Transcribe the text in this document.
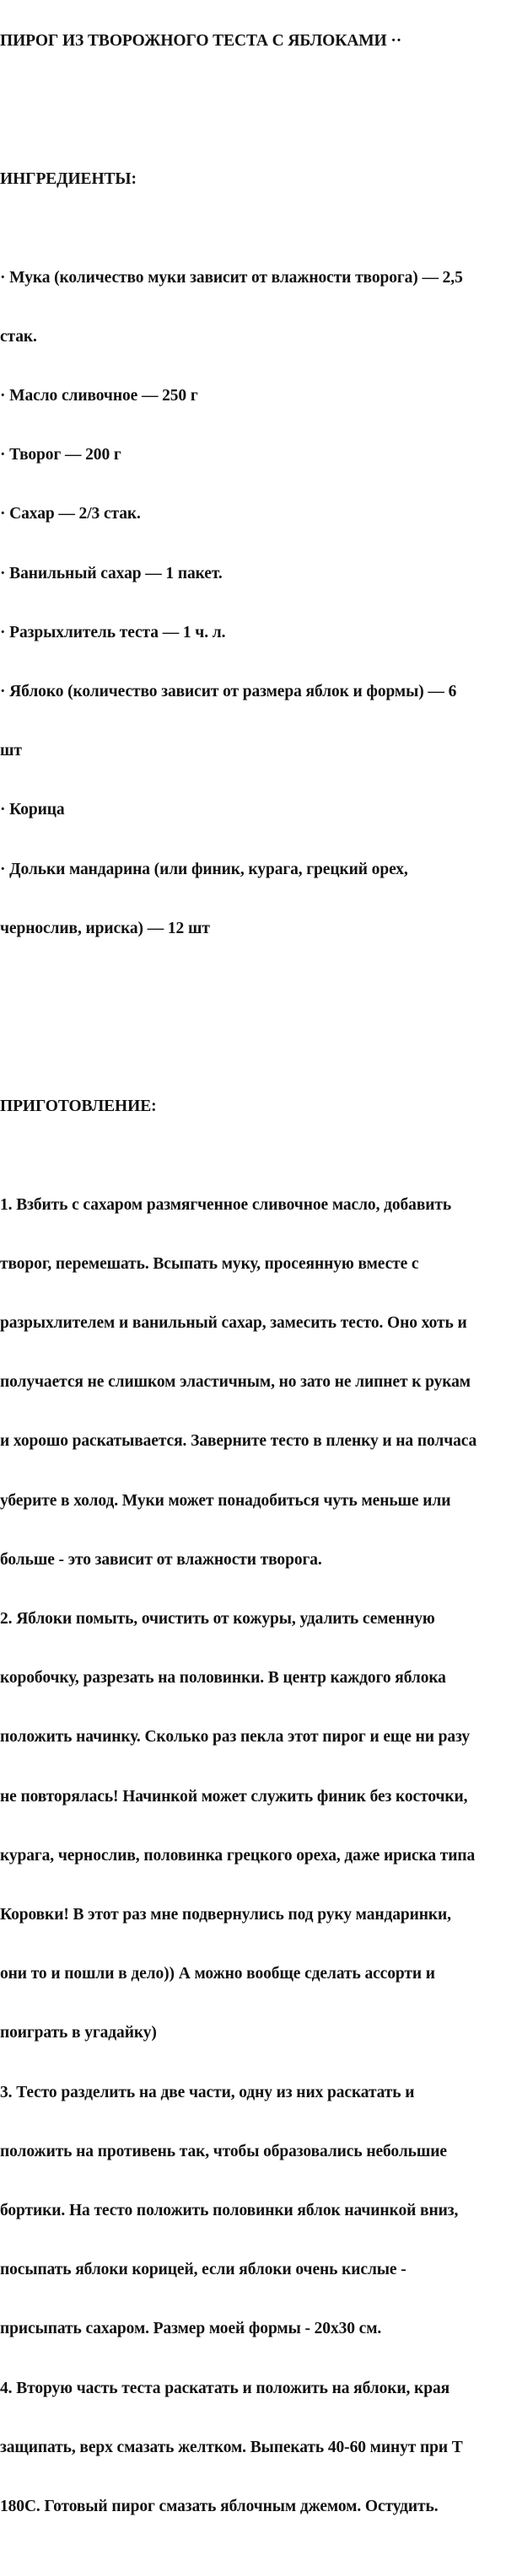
ПИРОГ ИЗ ТВОРОЖНОГО ТЕСТА С ЯБЛОКАМИ ··

ИНГРЕДИЕНТЫ:

· Мука (количество муки зависит от влажности творога) — 2,5

стак.

· Масло сливочное — 250 г

· Творог — 200 г

· Сахар — 2/3 стак.

· Ванильный сахар — 1 пакет.

· Разрыхлитель теста — 1 ч. л.

· Яблоко (количество зависит от размера яблок и формы) — 6

шт

· Корица

· Дольки мандарина (или финик, курага, грецкий орех,

чернослив, ириска) — 12 шт

ПРИГОТОВЛЕНИЕ:

1. Взбить с сахаром размягченное сливочное масло, добавить

творог, перемешать. Всыпать муку, просеянную вместе с

разрыхлителем и ванильный сахар, замесить тесто. Оно хоть и

получается не слишком эластичным, но зато не липнет к рукам

и хорошо раскатывается. Заверните тесто в пленку и на полчаса

уберите в холод. Муки может понадобиться чуть меньше или

больше - это зависит от влажности творога.

2. Яблоки помыть, очистить от кожуры, удалить семенную

коробочку, разрезать на половинки. В центр каждого яблока

положить начинку. Сколько раз пекла этот пирог и еще ни разу

не повторялась! Начинкой может служить финик без косточки,

курага, чернослив, половинка грецкого ореха, даже ириска типа

Коровки! В этот раз мне подвернулись под руку мандаринки,

они то и пошли в дело)) А можно вообще сделать ассорти и

поиграть в угадайку)

3. Тесто разделить на две части, одну из них раскатать и

положить на противень так, чтобы образовались небольшие

бортики. На тесто положить половинки яблок начинкой вниз,

посыпать яблоки корицей, если яблоки очень кислые -

присыпать сахаром. Размер моей формы - 20х30 см.

4. Вторую часть теста раскатать и положить на яблоки, края

защипать, верх смазать желтком. Выпекать 40-60 минут при Т

180С. Готовый пирог смазать яблочным джемом. Остудить.
